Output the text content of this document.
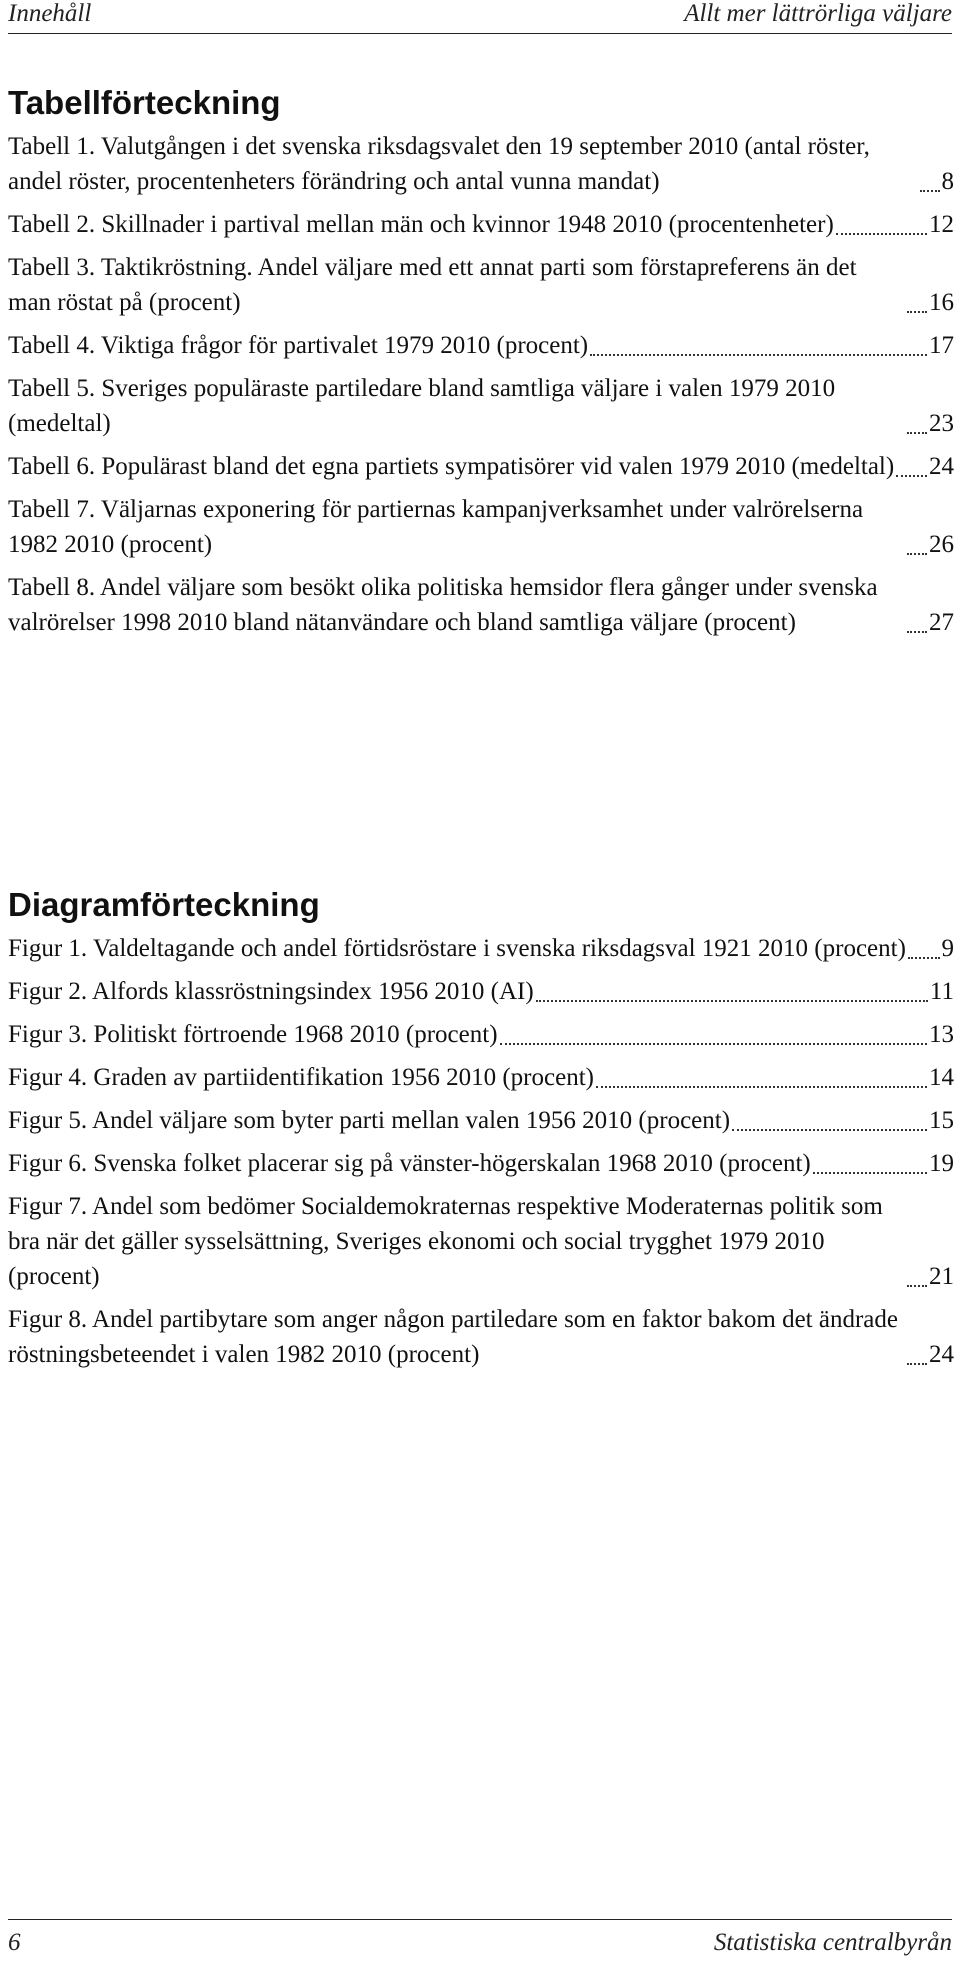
Innehåll	Allt mer lättrörliga väljare
Tabellförteckning
Tabell 1. Valutgången i det svenska riksdagsvalet den 19 september 2010 (antal röster, andel röster, procentenheters förändring och antal vunna mandat)	8
Tabell 2. Skillnader i partival mellan män och kvinnor 1948 2010 (procentenheter)	12
Tabell 3. Taktikröstning. Andel väljare med ett annat parti som förstapreferens än det man röstat på (procent)	16
Tabell 4. Viktiga frågor för partivalet 1979 2010 (procent)	17
Tabell 5. Sveriges populäraste partiledare bland samtliga väljare i valen 1979 2010 (medeltal)	23
Tabell 6. Populärast bland det egna partiets sympatisörer vid valen 1979 2010 (medeltal) 24
Tabell 7. Väljarnas exponering för partiernas kampanjverksamhet under valrörelserna 1982 2010 (procent)	26
Tabell 8. Andel väljare som besökt olika politiska hemsidor flera gånger under svenska valrörelser 1998 2010 bland nätanvändare och bland samtliga väljare (procent)	27
Diagramförteckning
Figur 1. Valdeltagande och andel förtidsröstare i svenska riksdagsval 1921 2010 (procent) 9
Figur 2. Alfords klassröstningsindex 1956 2010 (AI)	11
Figur 3. Politiskt förtroende 1968 2010 (procent)	13
Figur 4. Graden av partiidentifikation 1956 2010 (procent)	14
Figur 5. Andel väljare som byter parti mellan valen 1956 2010 (procent)	15
Figur 6. Svenska folket placerar sig på vänster-högerskalan 1968 2010 (procent)	19
Figur 7. Andel som bedömer Socialdemokraternas respektive Moderaternas politik som bra när det gäller sysselsättning, Sveriges ekonomi och social trygghet 1979 2010 (procent)	21
Figur 8. Andel partibytare som anger någon partiledare som en faktor bakom det ändrade röstningsbeteendet i valen 1982 2010 (procent)	24
6	Statistiska centralbyrån
